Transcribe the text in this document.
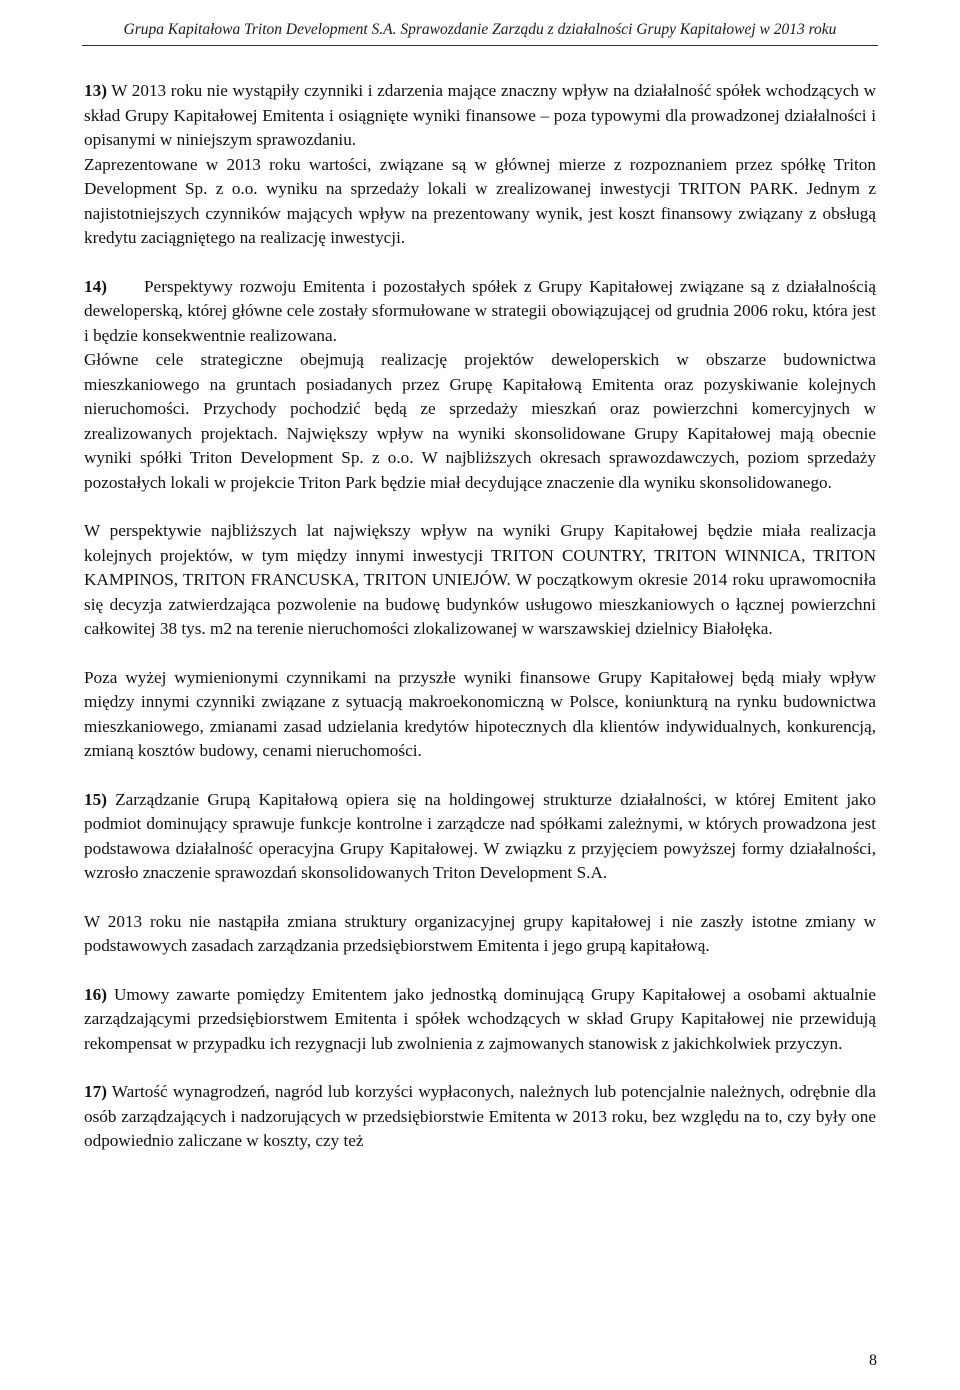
Grupa Kapitałowa Triton Development S.A. Sprawozdanie Zarządu z działalności Grupy Kapitałowej w 2013 roku

13) W 2013 roku nie wystąpiły czynniki i zdarzenia mające znaczny wpływ na działalność spółek wchodzących w skład Grupy Kapitałowej Emitenta i osiągnięte wyniki finansowe – poza typowymi dla prowadzonej działalności i opisanymi w niniejszym sprawozdaniu.

Zaprezentowane w 2013 roku wartości, związane są w głównej mierze z rozpoznaniem przez spółkę Triton Development Sp. z o.o. wyniku na sprzedaży lokali w zrealizowanej inwestycji TRITON PARK. Jednym z najistotniejszych czynników mających wpływ na prezentowany wynik, jest koszt finansowy związany z obsługą kredytu zaciągniętego na realizację inwestycji.

14) Perspektywy rozwoju Emitenta i pozostałych spółek z Grupy Kapitałowej związane są z działalnością deweloperską, której główne cele zostały sformułowane w strategii obowiązującej od grudnia 2006 roku, która jest i będzie konsekwentnie realizowana.

Główne cele strategiczne obejmują realizację projektów deweloperskich w obszarze budownictwa mieszkaniowego na gruntach posiadanych przez Grupę Kapitałową Emitenta oraz pozyskiwanie kolejnych nieruchomości. Przychody pochodzić będą ze sprzedaży mieszkań oraz powierzchni komercyjnych w zrealizowanych projektach. Największy wpływ na wyniki skonsolidowane Grupy Kapitałowej mają obecnie wyniki spółki Triton Development Sp. z o.o. W najbliższych okresach sprawozdawczych, poziom sprzedaży pozostałych lokali w projekcie Triton Park będzie miał decydujące znaczenie dla wyniku skonsolidowanego.

W perspektywie najbliższych lat największy wpływ na wyniki Grupy Kapitałowej będzie miała realizacja kolejnych projektów, w tym między innymi inwestycji TRITON COUNTRY, TRITON WINNICA, TRITON KAMPINOS, TRITON FRANCUSKA, TRITON UNIEJÓW. W początkowym okresie 2014 roku uprawomocniła się decyzja zatwierdzająca pozwolenie na budowę budynków usługowo mieszkaniowych o łącznej powierzchni całkowitej 38 tys. m2 na terenie nieruchomości zlokalizowanej w warszawskiej dzielnicy Białołęka.

Poza wyżej wymienionymi czynnikami na przyszłe wyniki finansowe Grupy Kapitałowej będą miały wpływ między innymi czynniki związane z sytuacją makroekonomiczną w Polsce, koniunkturą na rynku budownictwa mieszkaniowego, zmianami zasad udzielania kredytów hipotecznych dla klientów indywidualnych, konkurencją, zmianą kosztów budowy, cenami nieruchomości.

15) Zarządzanie Grupą Kapitałową opiera się na holdingowej strukturze działalności, w której Emitent jako podmiot dominujący sprawuje funkcje kontrolne i zarządcze nad spółkami zależnymi, w których prowadzona jest podstawowa działalność operacyjna Grupy Kapitałowej. W związku z przyjęciem powyższej formy działalności, wzrosło znaczenie sprawozdań skonsolidowanych Triton Development S.A.

W 2013 roku nie nastąpiła zmiana struktury organizacyjnej grupy kapitałowej i nie zaszły istotne zmiany w podstawowych zasadach zarządzania przedsiębiorstwem Emitenta i jego grupą kapitałową.

16) Umowy zawarte pomiędzy Emitentem jako jednostką dominującą Grupy Kapitałowej a osobami aktualnie zarządzającymi przedsiębiorstwem Emitenta i spółek wchodzących w skład Grupy Kapitałowej nie przewidują rekompensat w przypadku ich rezygnacji lub zwolnienia z zajmowanych stanowisk z jakichkolwiek przyczyn.

17) Wartość wynagrodzeń, nagród lub korzyści wypłaconych, należnych lub potencjalnie należnych, odrębnie dla osób zarządzających i nadzorujących w przedsiębiorstwie Emitenta w 2013 roku, bez względu na to, czy były one odpowiednio zaliczane w koszty, czy też

8
